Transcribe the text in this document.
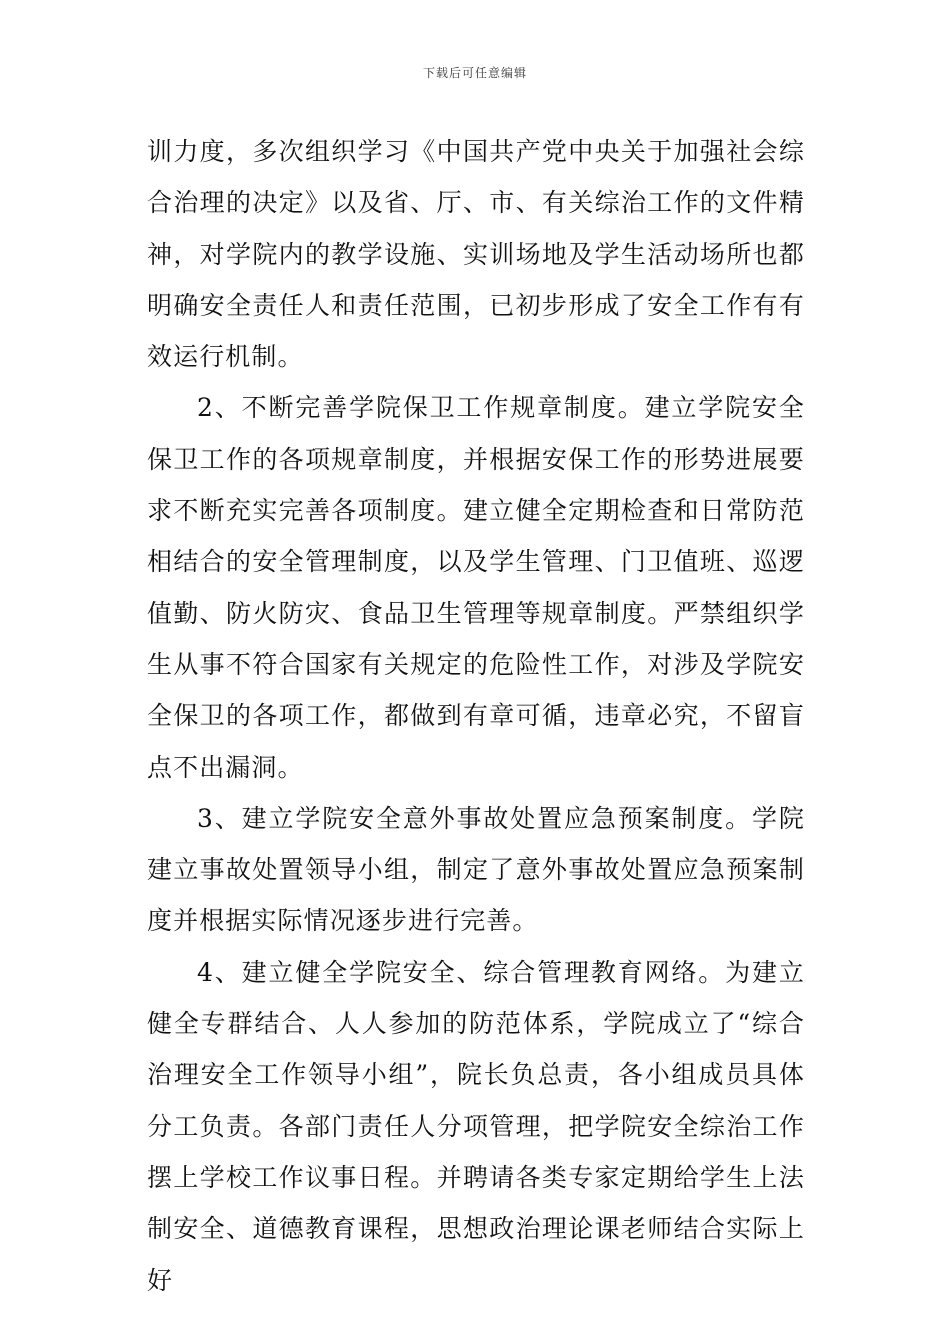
下载后可任意编辑

训力度，多次组织学习《中国共产党中央关于加强社会综合治理的决定》以及省、厅、市、有关综治工作的文件精神，对学院内的教学设施、实训场地及学生活动场所也都明确安全责任人和责任范围，已初步形成了安全工作有有效运行机制。

2、不断完善学院保卫工作规章制度。建立学院安全保卫工作的各项规章制度，并根据安保工作的形势进展要求不断充实完善各项制度。建立健全定期检查和日常防范相结合的安全管理制度，以及学生管理、门卫值班、巡逻值勤、防火防灾、食品卫生管理等规章制度。严禁组织学生从事不符合国家有关规定的危险性工作，对涉及学院安全保卫的各项工作，都做到有章可循，违章必究，不留盲点不出漏洞。

3、建立学院安全意外事故处置应急预案制度。学院建立事故处置领导小组，制定了意外事故处置应急预案制度并根据实际情况逐步进行完善。

4、建立健全学院安全、综合管理教育网络。为建立健全专群结合、人人参加的防范体系，学院成立了“综合治理安全工作领导小组”，院长负总责，各小组成员具体分工负责。各部门责任人分项管理，把学院安全综治工作摆上学校工作议事日程。并聘请各类专家定期给学生上法制安全、道德教育课程，思想政治理论课老师结合实际上好
